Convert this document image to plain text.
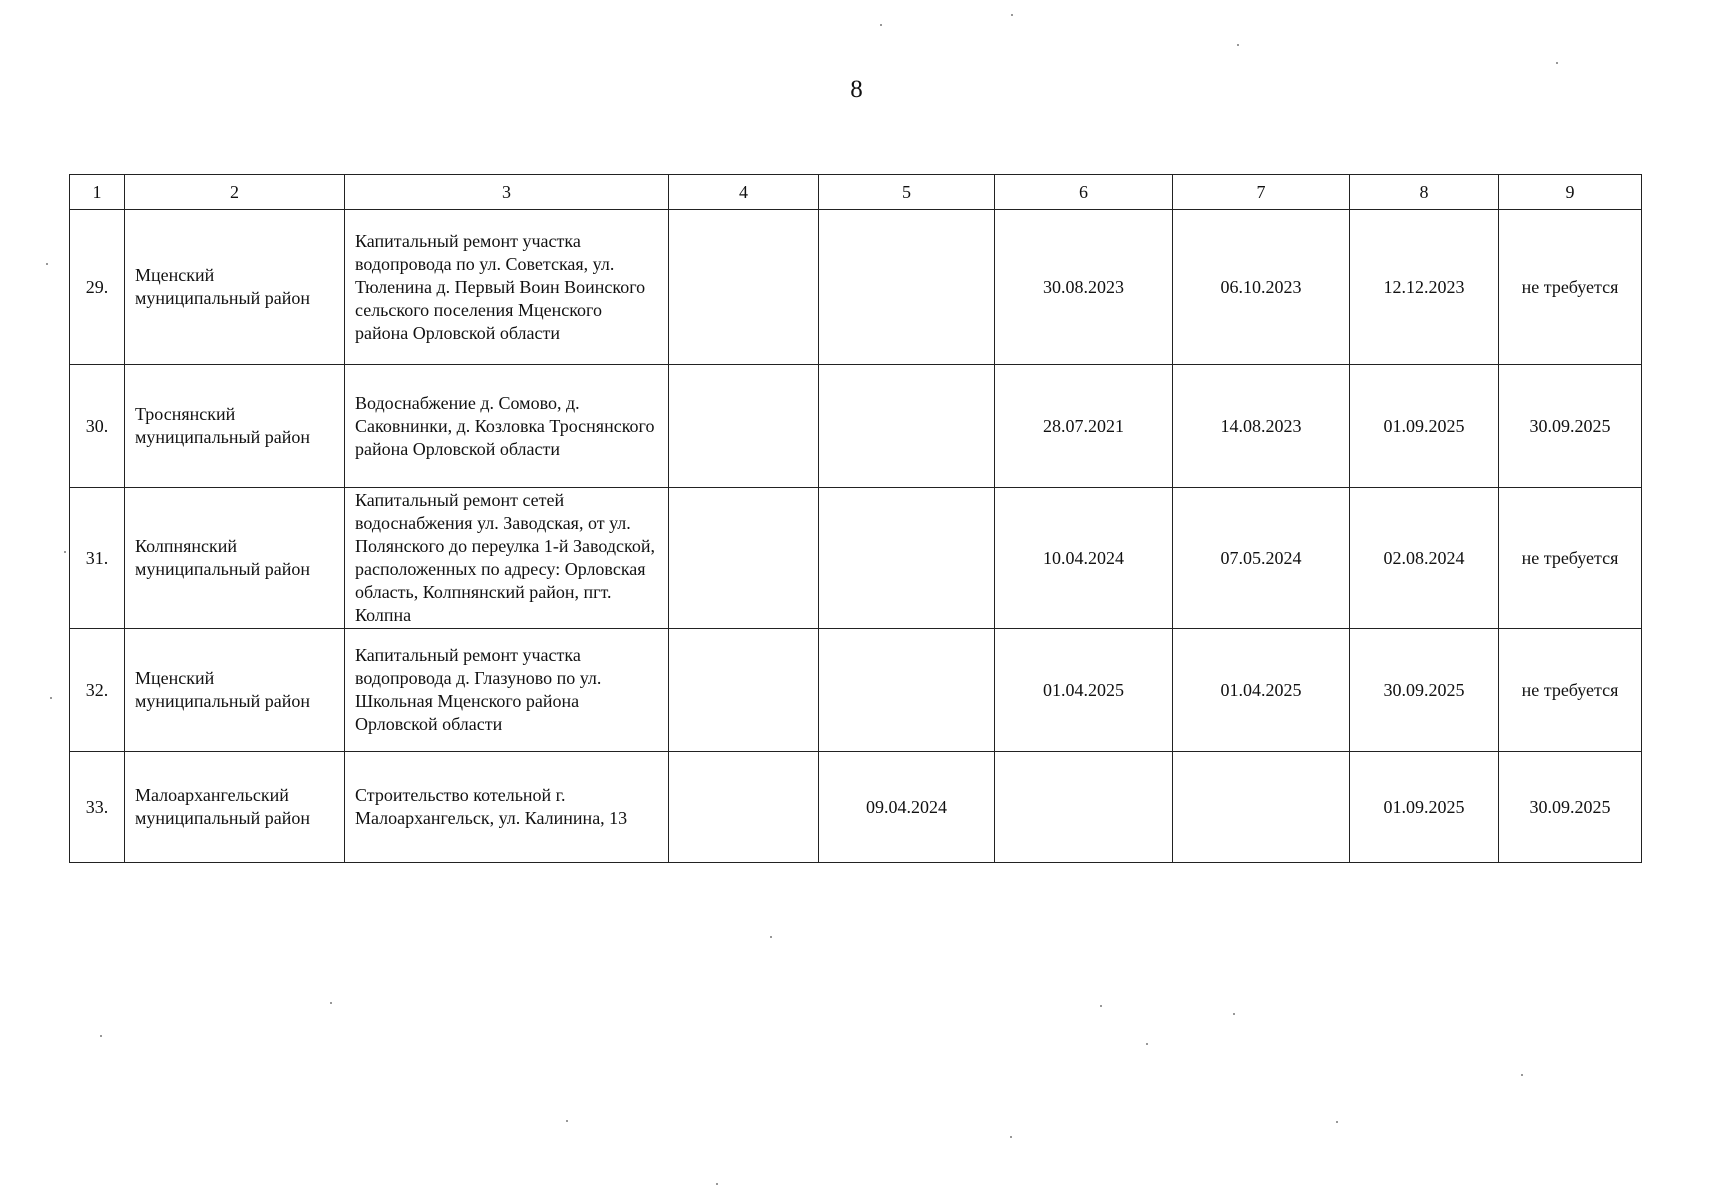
8
1	2	3	4	5	6	7	8	9
29.	Мценский муниципальный район	Капитальный ремонт участка водопровода по ул. Советская, ул. Тюленина д. Первый Воин Воинского сельского поселения Мценского района Орловской области			30.08.2023	06.10.2023	12.12.2023	не требуется
30.	Троснянский муниципальный район	Водоснабжение д. Сомово, д. Саковнинки, д. Козловка Троснянского района Орловской области			28.07.2021	14.08.2023	01.09.2025	30.09.2025
31.	Колпнянский муниципальный район	Капитальный ремонт сетей водоснабжения ул. Заводская, от ул. Полянского до переулка 1-й Заводской, расположенных по адресу: Орловская область, Колпнянский район, пгт. Колпна			10.04.2024	07.05.2024	02.08.2024	не требуется
32.	Мценский муниципальный район	Капитальный ремонт участка водопровода д. Глазуново по ул. Школьная Мценского района Орловской области			01.04.2025	01.04.2025	30.09.2025	не требуется
33.	Малоархангельский муниципальный район	Строительство котельной г. Малоархангельск, ул. Калинина, 13		09.04.2024			01.09.2025	30.09.2025
